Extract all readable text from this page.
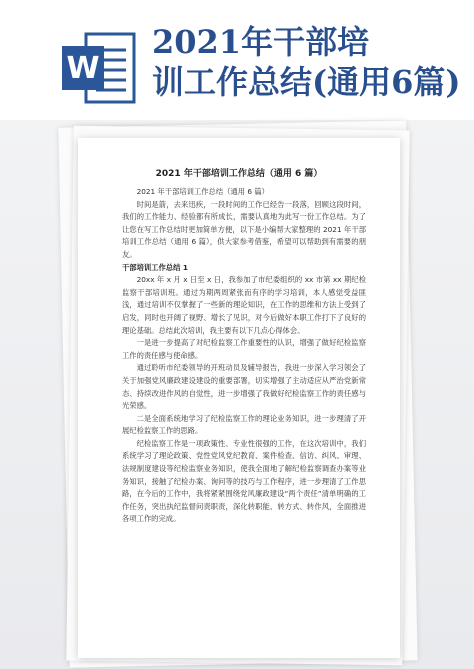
W
2021年干部培
训工作总结(通用6篇)
2021 年干部培训工作总结（通用 6 篇）

2021 年干部培训工作总结（通用 6 篇）

时间是箭，去来迅疾，一段时间的工作已经告一段落，回顾这段时间，我们的工作能力、经验都有所成长，需要认真地为此写一份工作总结。为了让您在写工作总结时更加简单方便，以下是小编帮大家整理的 2021 年干部培训工作总结（通用 6 篇），供大家参考借鉴，希望可以帮助到有需要的朋友。

干部培训工作总结 1

20xx 年 x 月 x 日至 x 日，我参加了市纪委组织的 xx 市第 xx 期纪检监察干部培训班。通过为期两周紧张而有序的学习培训，本人感觉受益匪浅，通过培训不仅掌握了一些新的理论知识，在工作的思维和方法上受到了启发，同时也开阔了视野、增长了见识，对今后做好本职工作打下了良好的理论基础。总结此次培训，我主要有以下几点心得体会。

一是进一步提高了对纪检监察工作重要性的认识，增强了做好纪检监察工作的责任感与使命感。

通过聆听市纪委领导的开班动员及辅导报告，我进一步深入学习领会了关于加强党风廉政建设建设的重要部署，切实增强了主动适应从严治党新常态、持续改进作风的自觉性，进一步增强了我做好纪检监察工作的责任感与光荣感。

二是全面系统地学习了纪检监察工作的理论业务知识，进一步理清了开展纪检监察工作的思路。

纪检监察工作是一项政策性、专业性很强的工作，在这次培训中，我们系统学习了理论政策、党性党风党纪教育、案件检查、信访、纠风、审理、法规制度建设等纪检监察业务知识，使我全面地了解纪检监察调查办案等业务知识，接触了纪检办案、询问等的技巧与工作程序，进一步理清了工作思路，在今后的工作中，我将紧紧围绕党风廉政建设“两个责任”清单明确的工作任务，突出执纪监督问责职责，深化转职能、转方式、转作风，全面推进各项工作的完成。
